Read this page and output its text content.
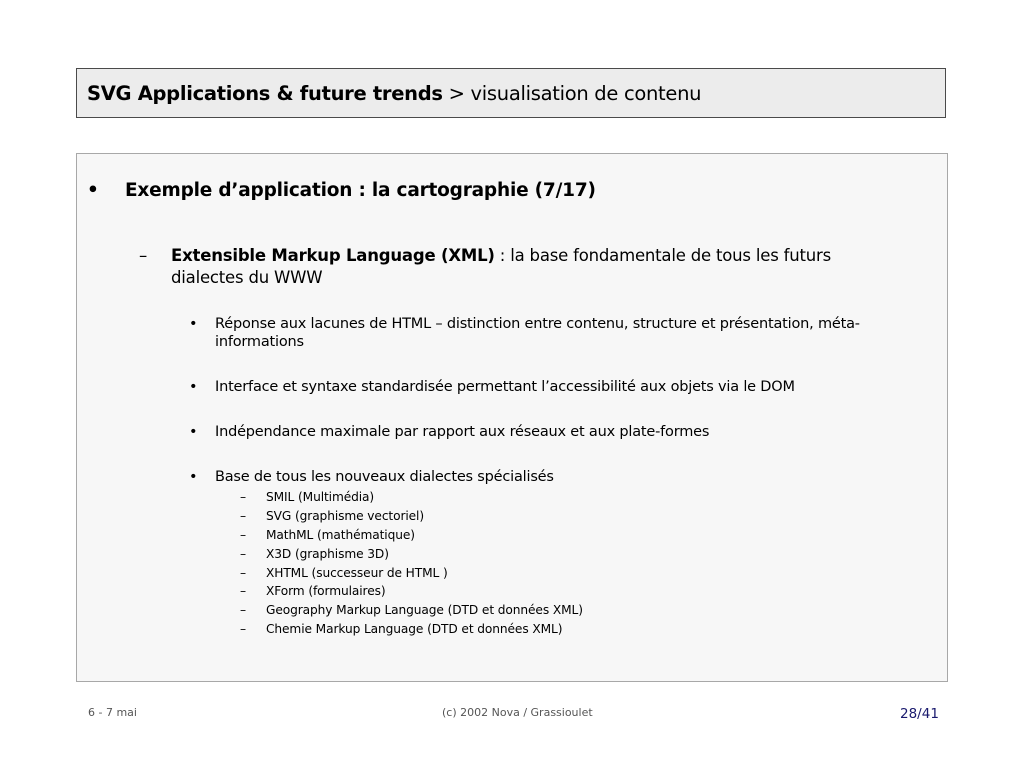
SVG Applications & future trends > visualisation de contenu
• Exemple d’application : la cartographie (7/17)
– Extensible Markup Language (XML) : la base fondamentale de tous les futurs
dialectes du WWW
• Réponse aux lacunes de HTML – distinction entre contenu, structure et présentation, méta-
informations
• Interface et syntaxe standardisée permettant l’accessibilité aux objets via le DOM
• Indépendance maximale par rapport aux réseaux et aux plate-formes
• Base de tous les nouveaux dialectes spécialisés
– SMIL (Multimédia)
– SVG (graphisme vectoriel)
– MathML (mathématique)
– X3D (graphisme 3D)
– XHTML (successeur de HTML )
– XForm (formulaires)
– Geography Markup Language (DTD et données XML)
– Chemie Markup Language (DTD et données XML)
6 - 7 mai	(c) 2002 Nova / Grassioulet	28/41
